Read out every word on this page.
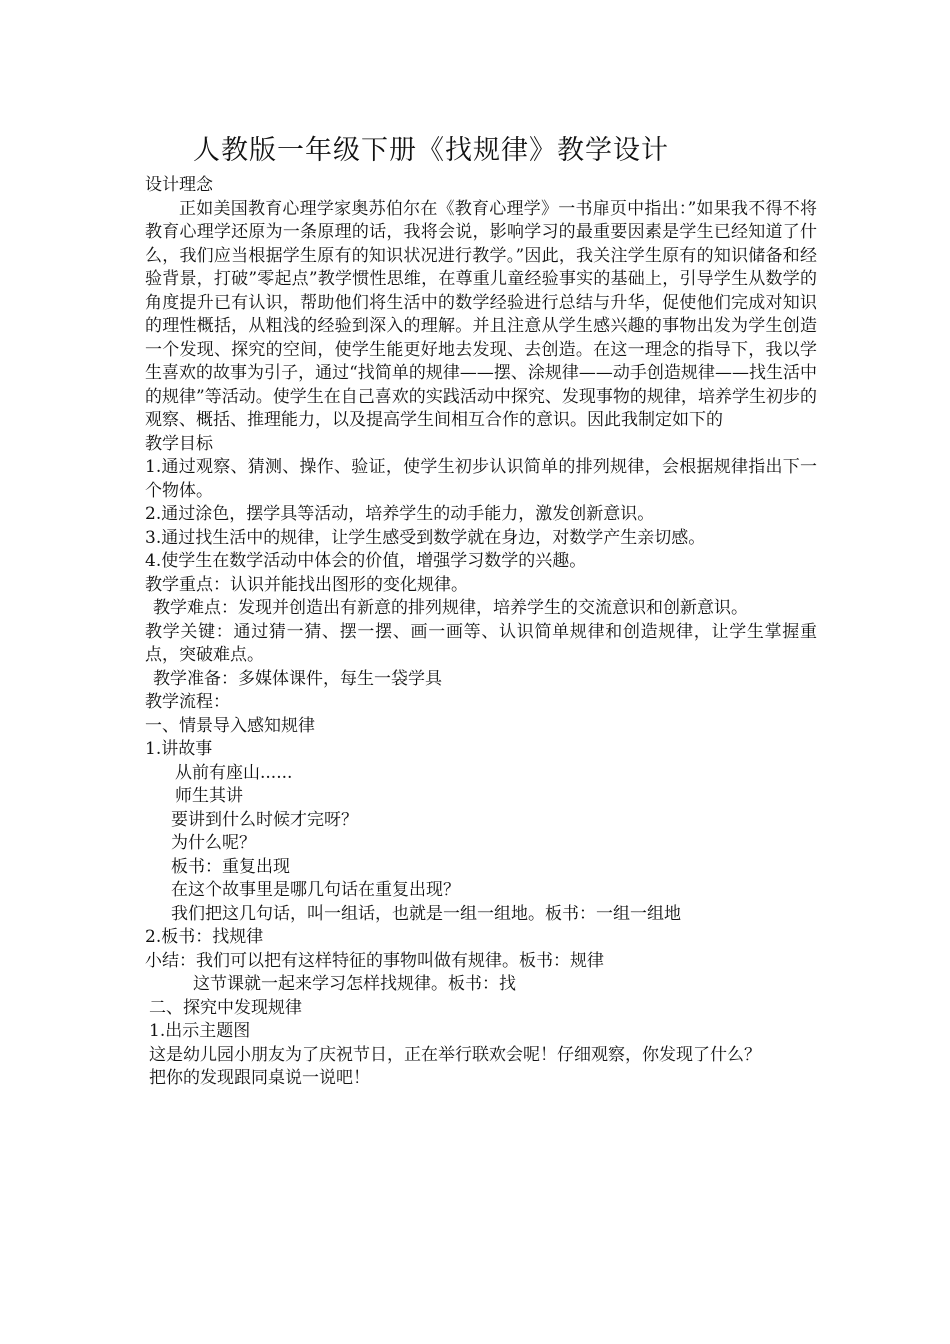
人教版一年级下册《找规律》教学设计

设计理念

正如美国教育心理学家奥苏伯尔在《教育心理学》一书扉页中指出：”如果我不得不将教育心理学还原为一条原理的话，我将会说，影响学习的最重要因素是学生已经知道了什么，我们应当根据学生原有的知识状况进行教学。”因此，我关注学生原有的知识储备和经验背景，打破”零起点”教学惯性思维，在尊重儿童经验事实的基础上，引导学生从数学的角度提升已有认识，帮助他们将生活中的数学经验进行总结与升华，促使他们完成对知识的理性概括，从粗浅的经验到深入的理解。并且注意从学生感兴趣的事物出发为学生创造一个发现、探究的空间，使学生能更好地去发现、去创造。在这一理念的指导下，我以学生喜欢的故事为引子，通过“找简单的规律——摆、涂规律——动手创造规律——找生活中的规律”等活动。使学生在自己喜欢的实践活动中探究、发现事物的规律，培养学生初步的观察、概括、推理能力，以及提高学生间相互合作的意识。因此我制定如下的

教学目标

1.通过观察、猜测、操作、验证，使学生初步认识简单的排列规律，会根据规律指出下一个物体。

2.通过涂色，摆学具等活动，培养学生的动手能力，激发创新意识。

3.通过找生活中的规律，让学生感受到数学就在身边，对数学产生亲切感。

4.使学生在数学活动中体会的价值，增强学习数学的兴趣。

教学重点：认识并能找出图形的变化规律。

教学难点：发现并创造出有新意的排列规律，培养学生的交流意识和创新意识。

教学关键：通过猜一猜、摆一摆、画一画等、认识简单规律和创造规律，让学生掌握重点，突破难点。

教学准备：多媒体课件，每生一袋学具

教学流程：

一、情景导入感知规律

1.讲故事

从前有座山......

师生其讲

要讲到什么时候才完呀？

为什么呢？

板书：重复出现

在这个故事里是哪几句话在重复出现？

我们把这几句话，叫一组话，也就是一组一组地。板书：一组一组地

2.板书：找规律

小结：我们可以把有这样特征的事物叫做有规律。板书：规律

这节课就一起来学习怎样找规律。板书：找

二、探究中发现规律

1.出示主题图

这是幼儿园小朋友为了庆祝节日，正在举行联欢会呢！仔细观察，你发现了什么？

把你的发现跟同桌说一说吧！
